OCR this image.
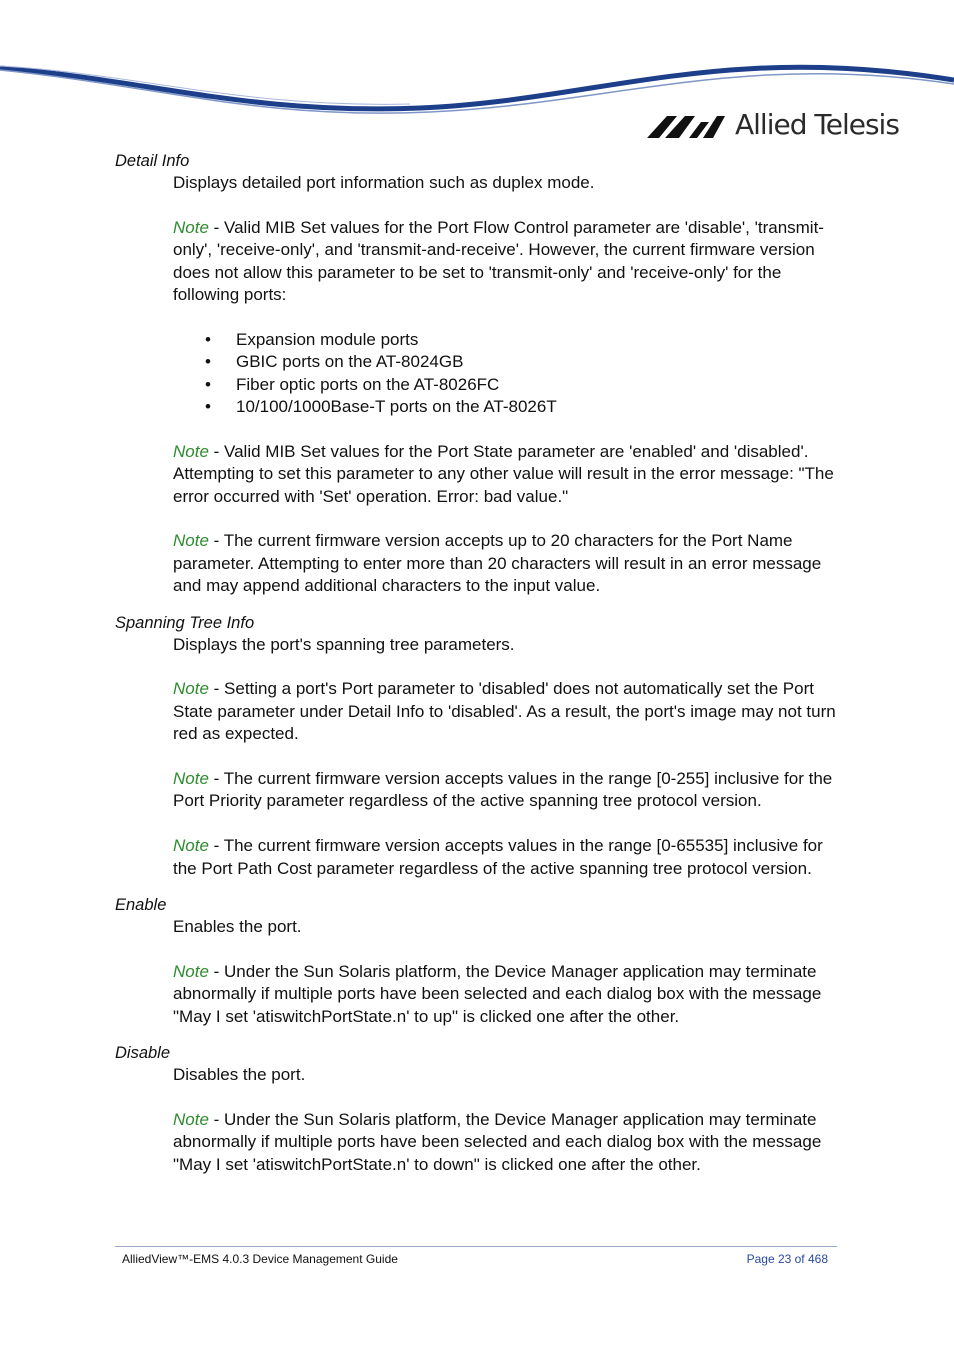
Allied Telesis

Detail Info

Displays detailed port information such as duplex mode.

Note - Valid MIB Set values for the Port Flow Control parameter are 'disable', 'transmit-only', 'receive-only', and 'transmit-and-receive'. However, the current firmware version does not allow this parameter to be set to 'transmit-only' and 'receive-only' for the following ports:

• Expansion module ports
• GBIC ports on the AT-8024GB
• Fiber optic ports on the AT-8026FC
• 10/100/1000Base-T ports on the AT-8026T

Note - Valid MIB Set values for the Port State parameter are 'enabled' and 'disabled'. Attempting to set this parameter to any other value will result in the error message: "The error occurred with 'Set' operation. Error: bad value."

Note - The current firmware version accepts up to 20 characters for the Port Name parameter. Attempting to enter more than 20 characters will result in an error message and may append additional characters to the input value.

Spanning Tree Info

Displays the port's spanning tree parameters.

Note - Setting a port's Port parameter to 'disabled' does not automatically set the Port State parameter under Detail Info to 'disabled'. As a result, the port's image may not turn red as expected.

Note - The current firmware version accepts values in the range [0-255] inclusive for the Port Priority parameter regardless of the active spanning tree protocol version.

Note - The current firmware version accepts values in the range [0-65535] inclusive for the Port Path Cost parameter regardless of the active spanning tree protocol version.

Enable

Enables the port.

Note - Under the Sun Solaris platform, the Device Manager application may terminate abnormally if multiple ports have been selected and each dialog box with the message "May I set 'atiswitchPortState.n' to up" is clicked one after the other.

Disable

Disables the port.

Note - Under the Sun Solaris platform, the Device Manager application may terminate abnormally if multiple ports have been selected and each dialog box with the message "May I set 'atiswitchPortState.n' to down" is clicked one after the other.

AlliedView™-EMS 4.0.3 Device Management Guide	Page 23 of 468
